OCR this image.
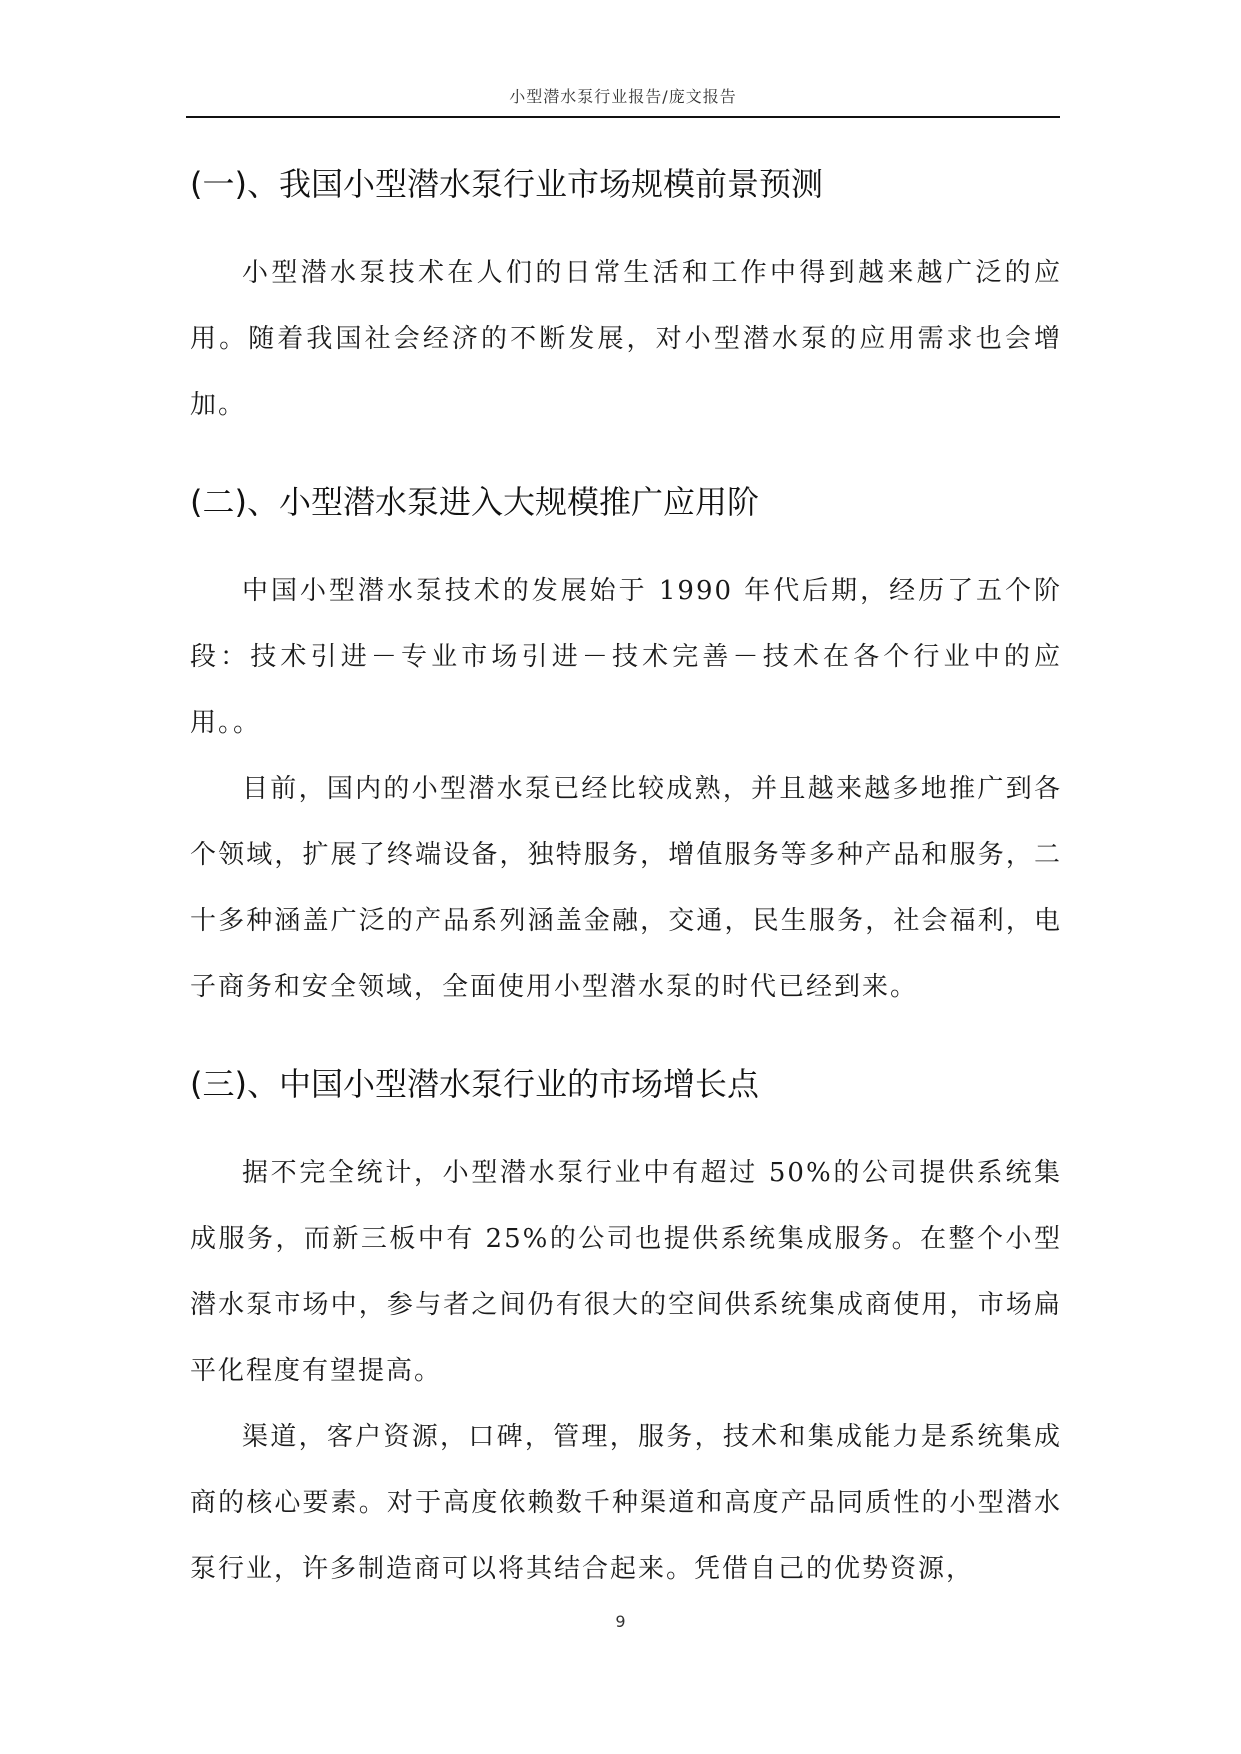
小型潜水泵行业报告/庞文报告
(一)、我国小型潜水泵行业市场规模前景预测

小型潜水泵技术在人们的日常生活和工作中得到越来越广泛的应用。随着我国社会经济的不断发展，对小型潜水泵的应用需求也会增加。

(二)、小型潜水泵进入大规模推广应用阶

中国小型潜水泵技术的发展始于 1990 年代后期，经历了五个阶段：技术引进－专业市场引进－技术完善－技术在各个行业中的应用。。

目前，国内的小型潜水泵已经比较成熟，并且越来越多地推广到各个领域，扩展了终端设备，独特服务，增值服务等多种产品和服务，二十多种涵盖广泛的产品系列涵盖金融，交通，民生服务，社会福利，电子商务和安全领域，全面使用小型潜水泵的时代已经到来。

(三)、中国小型潜水泵行业的市场增长点

据不完全统计，小型潜水泵行业中有超过 50%的公司提供系统集成服务，而新三板中有 25%的公司也提供系统集成服务。在整个小型潜水泵市场中，参与者之间仍有很大的空间供系统集成商使用，市场扁平化程度有望提高。

渠道，客户资源，口碑，管理，服务，技术和集成能力是系统集成商的核心要素。对于高度依赖数千种渠道和高度产品同质性的小型潜水泵行业，许多制造商可以将其结合起来。凭借自己的优势资源，

9
